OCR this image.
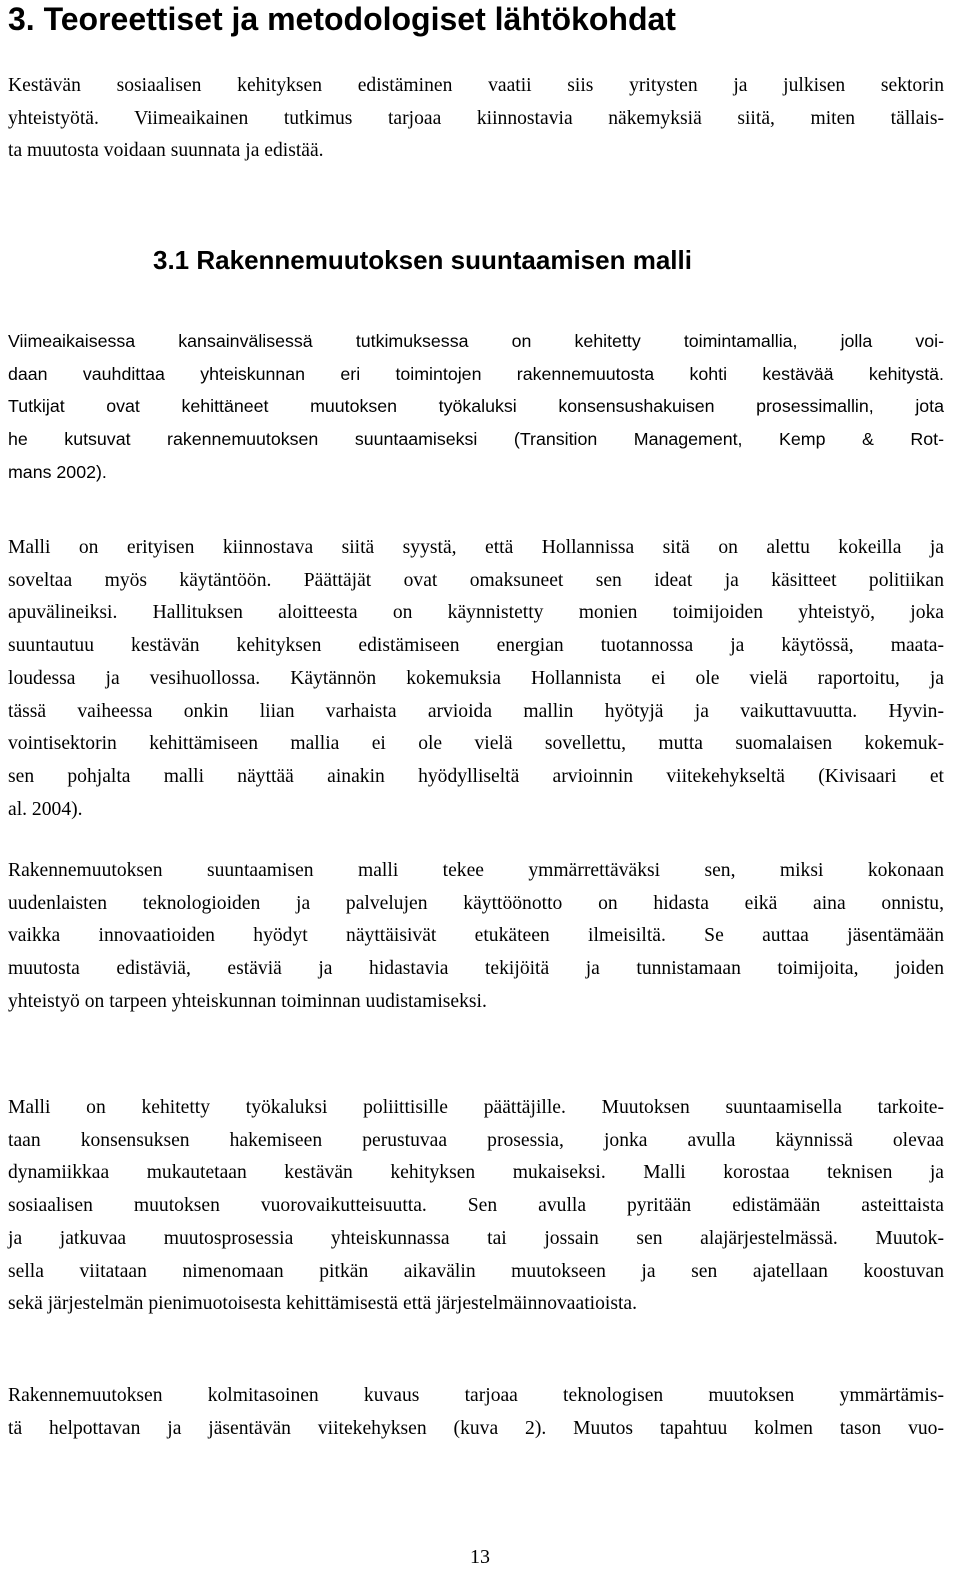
3. Teoreettiset ja metodologiset lähtökohdat
Kestävän sosiaalisen kehityksen edistäminen vaatii siis yritysten ja julkisen sektorin
yhteistyötä. Viimeaikainen tutkimus tarjoaa kiinnostavia näkemyksiä siitä, miten tällais-
ta muutosta voidaan suunnata ja edistää.
3.1 Rakennemuutoksen suuntaamisen malli
Viimeaikaisessa kansainvälisessä tutkimuksessa on kehitetty toimintamallia, jolla voi-
daan vauhdittaa yhteiskunnan eri toimintojen rakennemuutosta kohti kestävää kehitystä.
Tutkijat ovat kehittäneet muutoksen työkaluksi konsensushakuisen prosessimallin, jota
he kutsuvat rakennemuutoksen suuntaamiseksi (Transition Management, Kemp & Rot-
mans 2002).
Malli on erityisen kiinnostava siitä syystä, että Hollannissa sitä on alettu kokeilla ja
soveltaa myös käytäntöön. Päättäjät ovat omaksuneet sen ideat ja käsitteet politiikan
apuvälineiksi. Hallituksen aloitteesta on käynnistetty monien toimijoiden yhteistyö, joka
suuntautuu kestävän kehityksen edistämiseen energian tuotannossa ja käytössä, maata-
loudessa ja vesihuollossa. Käytännön kokemuksia Hollannista ei ole vielä raportoitu, ja
tässä vaiheessa onkin liian varhaista arvioida mallin hyötyjä ja vaikuttavuutta. Hyvin-
vointisektorin kehittämiseen mallia ei ole vielä sovellettu, mutta suomalaisen kokemuk-
sen pohjalta malli näyttää ainakin hyödylliseltä arvioinnin viitekehykseltä (Kivisaari et
al. 2004).
Rakennemuutoksen suuntaamisen malli tekee ymmärrettäväksi sen, miksi kokonaan
uudenlaisten teknologioiden ja palvelujen käyttöönotto on hidasta eikä aina onnistu,
vaikka innovaatioiden hyödyt näyttäisivät etukäteen ilmeisiltä. Se auttaa jäsentämään
muutosta edistäviä, estäviä ja hidastavia tekijöitä ja tunnistamaan toimijoita, joiden
yhteistyö on tarpeen yhteiskunnan toiminnan uudistamiseksi.
Malli on kehitetty työkaluksi poliittisille päättäjille. Muutoksen suuntaamisella tarkoite-
taan konsensuksen hakemiseen perustuvaa prosessia, jonka avulla käynnissä olevaa
dynamiikkaa mukautetaan kestävän kehityksen mukaiseksi. Malli korostaa teknisen ja
sosiaalisen muutoksen vuorovaikutteisuutta. Sen avulla pyritään edistämään asteittaista
ja jatkuvaa muutosprosessia yhteiskunnassa tai jossain sen alajärjestelmässä. Muutok-
sella viitataan nimenomaan pitkän aikavälin muutokseen ja sen ajatellaan koostuvan
sekä järjestelmän pienimuotoisesta kehittämisestä että järjestelmäinnovaatioista.
Rakennemuutoksen kolmitasoinen kuvaus tarjoaa teknologisen muutoksen ymmärtämis-
tä helpottavan ja jäsentävän viitekehyksen (kuva 2). Muutos tapahtuu kolmen tason vuo-
13
